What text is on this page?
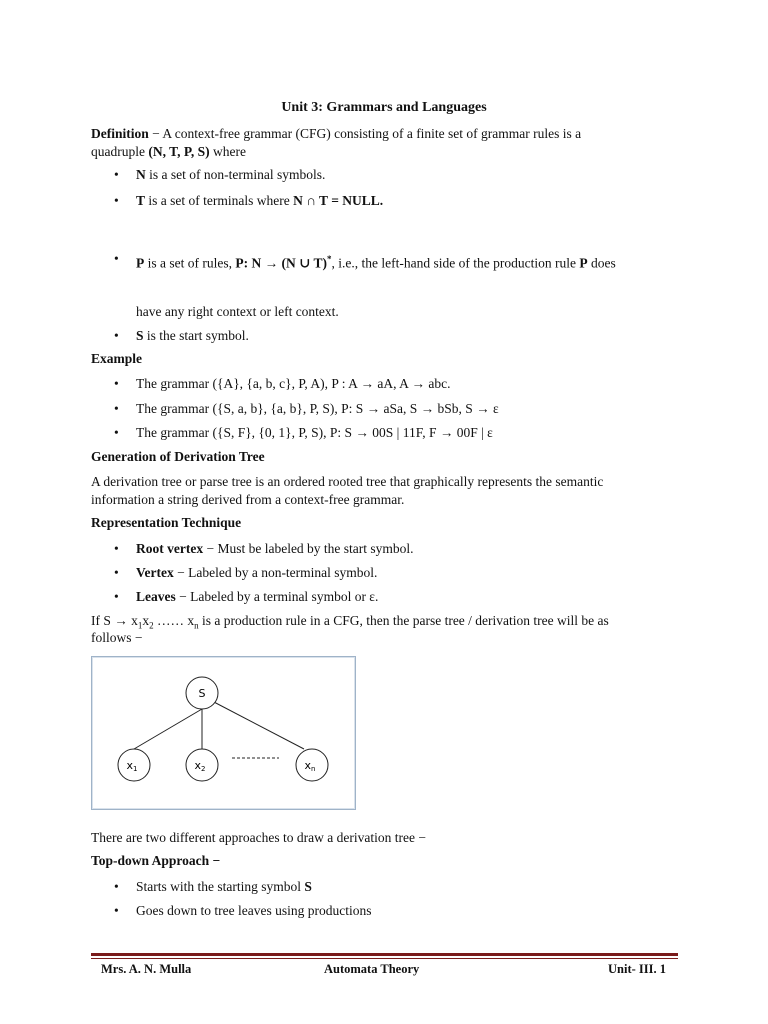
Unit 3: Grammars and Languages
Definition − A context-free grammar (CFG) consisting of a finite set of grammar rules is a
quadruple (N, T, P, S) where
• N is a set of non-terminal symbols.
• T is a set of terminals where N ∩ T = NULL.
• P is a set of rules, P: N → (N ∪ T)*, i.e., the left-hand side of the production rule P does
have any right context or left context.
• S is the start symbol.
Example
• The grammar ({A}, {a, b, c}, P, A), P : A → aA, A → abc.
• The grammar ({S, a, b}, {a, b}, P, S), P: S → aSa, S → bSb, S → ε
• The grammar ({S, F}, {0, 1}, P, S), P: S → 00S | 11F, F → 00F | ε
Generation of Derivation Tree
A derivation tree or parse tree is an ordered rooted tree that graphically represents the semantic
information a string derived from a context-free grammar.
Representation Technique
• Root vertex − Must be labeled by the start symbol.
• Vertex − Labeled by a non-terminal symbol.
• Leaves − Labeled by a terminal symbol or ε.
If $S \to x_1x_2$ …… $x_n$ is a production rule in a CFG, then the parse tree / derivation tree will be as
follows −
S
x1	x2	xn
There are two different approaches to draw a derivation tree −
Top-down Approach −
• Starts with the starting symbol S
• Goes down to tree leaves using productions
Mrs. A. N. Mulla	Automata Theory	Unit- III. 1
